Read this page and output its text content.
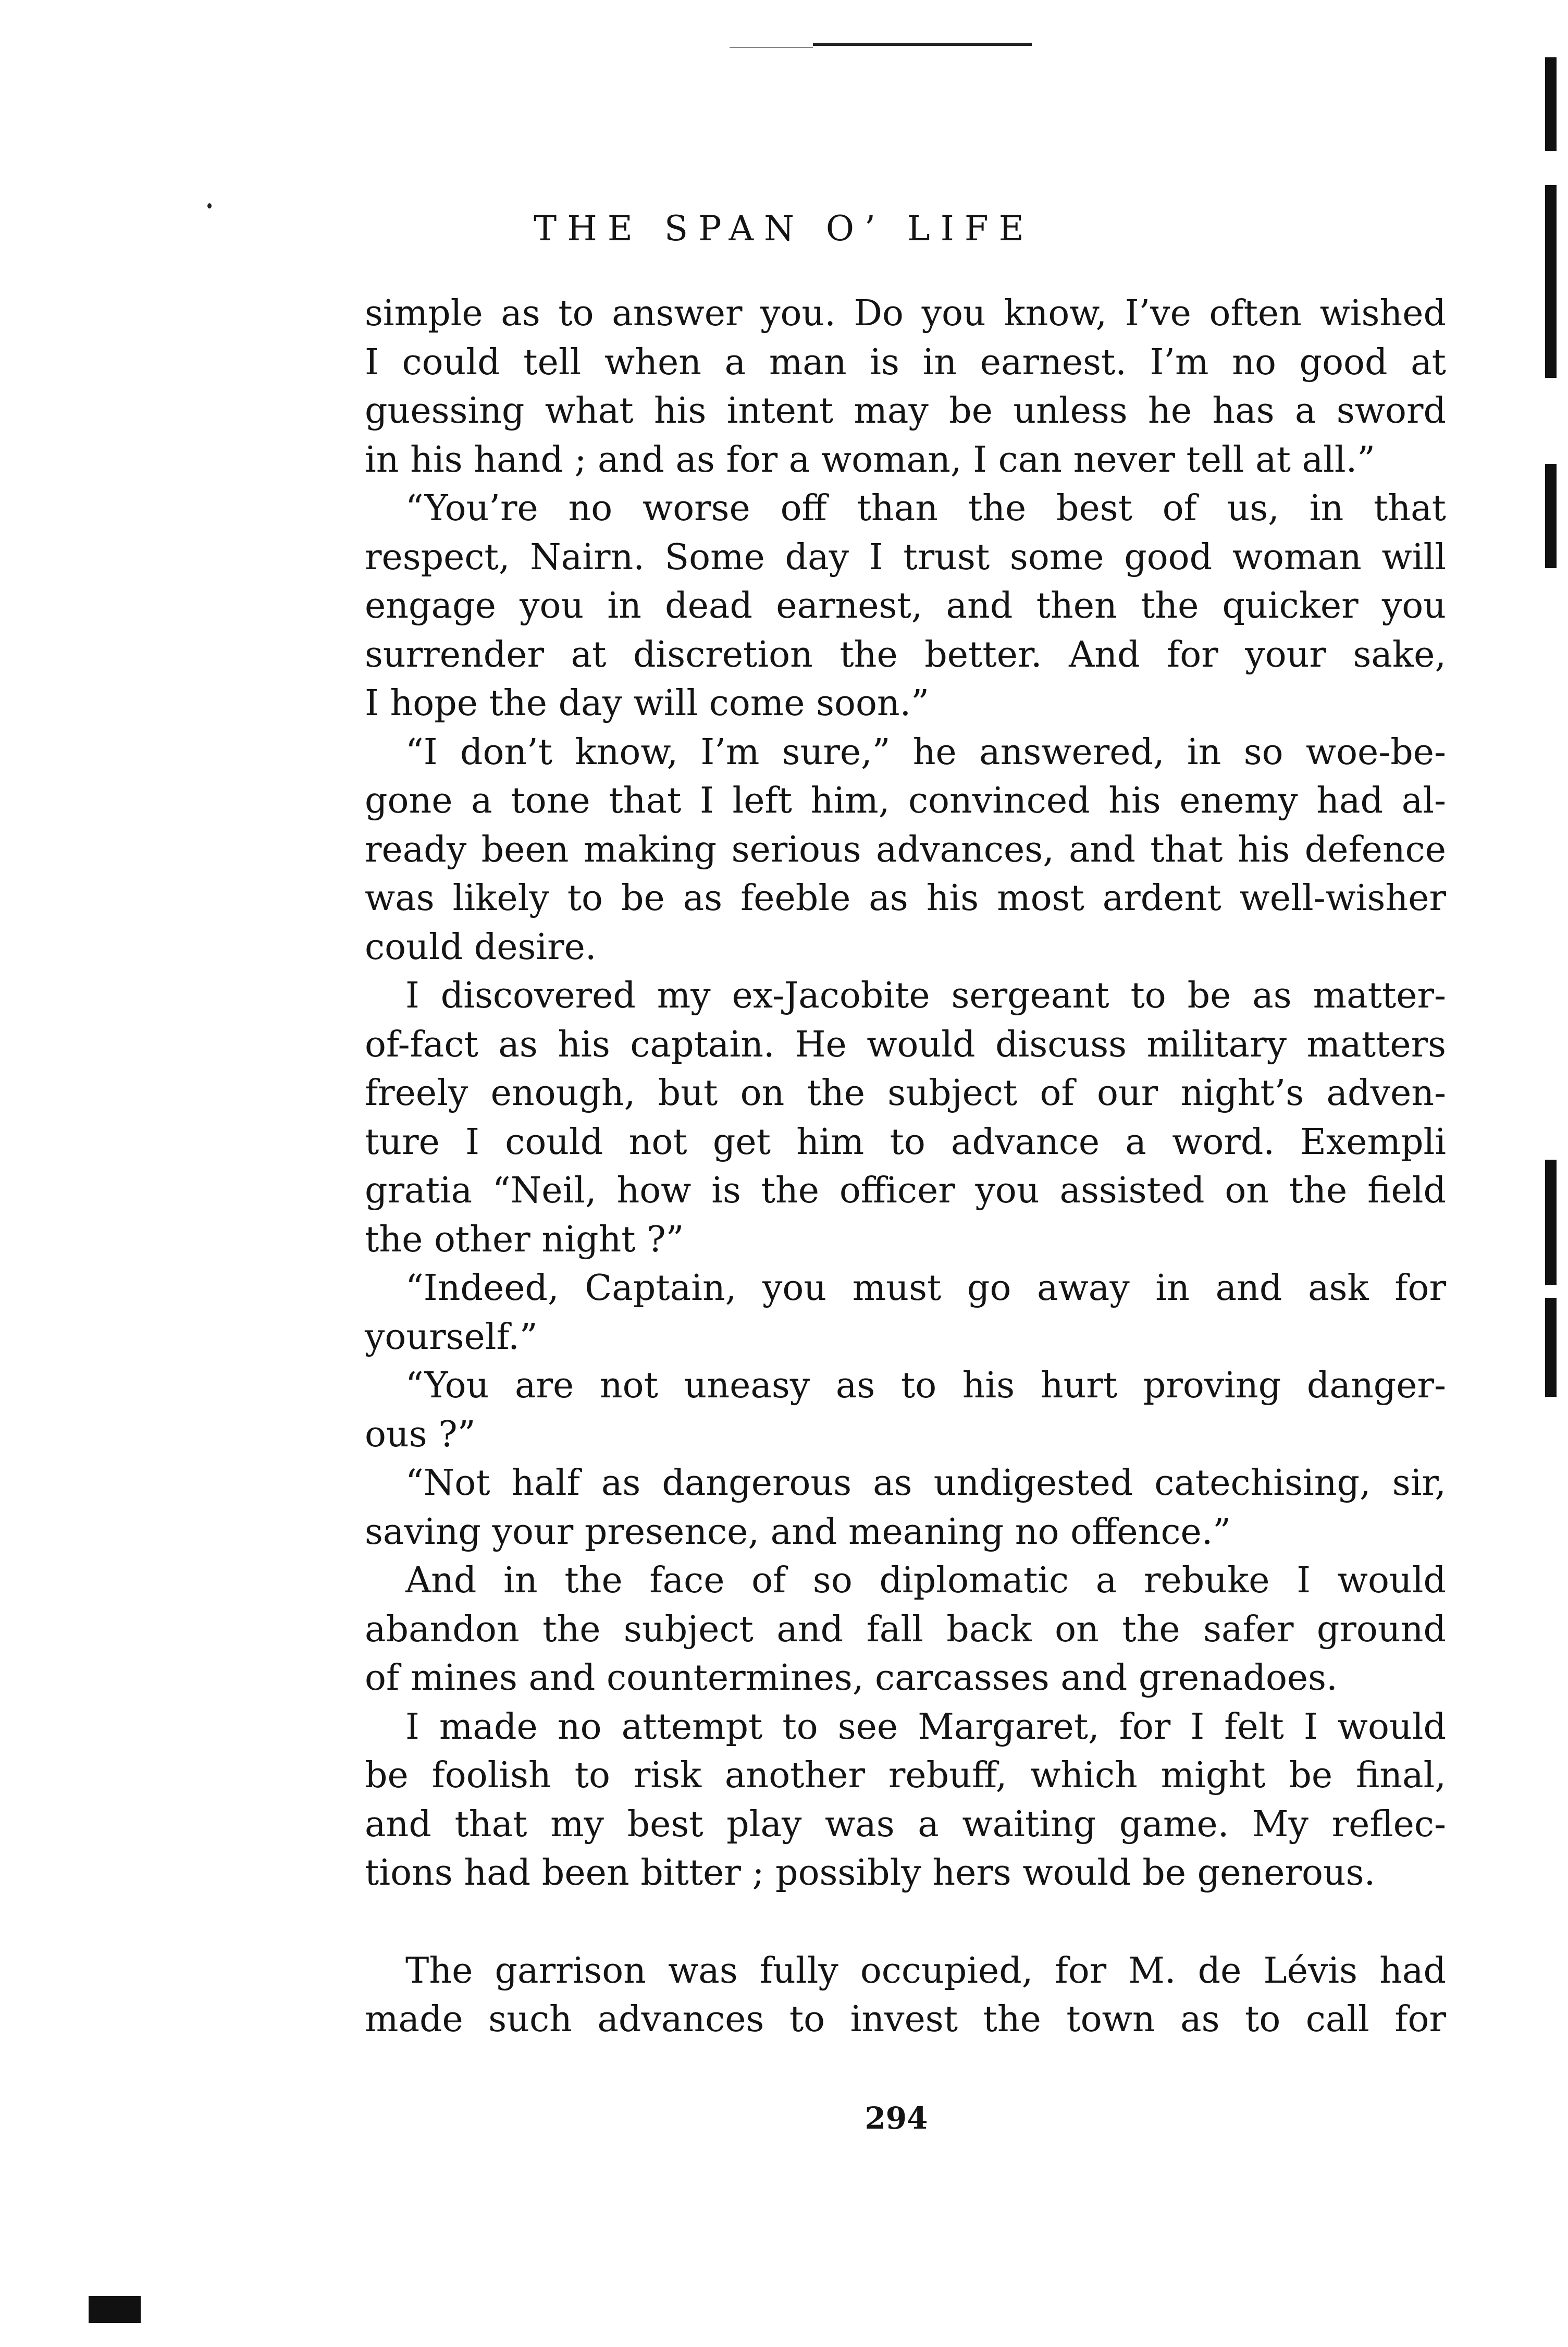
THE SPAN O’ LIFE

simple as to answer you. Do you know, I’ve often wished
I could tell when a man is in earnest. I’m no good at
guessing what his intent may be unless he has a sword
in his hand ; and as for a woman, I can never tell at all.”

“You’re no worse off than the best of us, in that
respect, Nairn. Some day I trust some good woman will
engage you in dead earnest, and then the quicker you
surrender at discretion the better. And for your sake,
I hope the day will come soon.”

“I don’t know, I’m sure,” he answered, in so woe-be-
gone a tone that I left him, convinced his enemy had al-
ready been making serious advances, and that his defence
was likely to be as feeble as his most ardent well-wisher
could desire.

I discovered my ex-Jacobite sergeant to be as matter-
of-fact as his captain. He would discuss military matters
freely enough, but on the subject of our night’s adven-
ture I could not get him to advance a word. Exempli
gratia “Neil, how is the officer you assisted on the field
the other night ?”

“Indeed, Captain, you must go away in and ask for
yourself.”

“You are not uneasy as to his hurt proving danger-
ous ?”

“Not half as dangerous as undigested catechising, sir,
saving your presence, and meaning no offence.”

And in the face of so diplomatic a rebuke I would
abandon the subject and fall back on the safer ground
of mines and countermines, carcasses and grenadoes.

I made no attempt to see Margaret, for I felt I would
be foolish to risk another rebuff, which might be final,
and that my best play was a waiting game. My reflec-
tions had been bitter ; possibly hers would be generous.

The garrison was fully occupied, for M. de Lévis had
made such advances to invest the town as to call for

294
